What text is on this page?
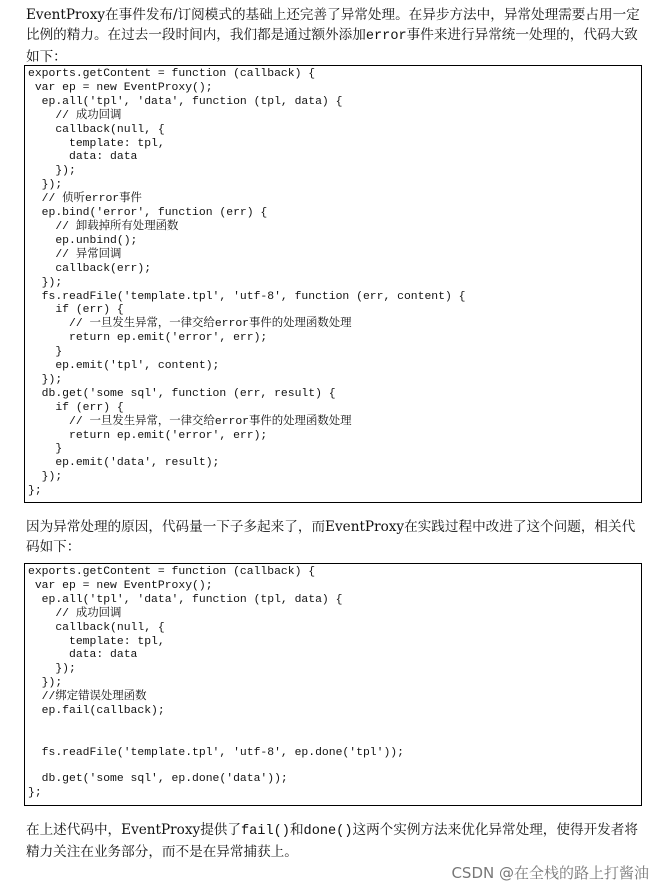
EventProxy在事件发布/订阅模式的基础上还完善了异常处理。在异步方法中，异常处理需要占用一定比例的精力。在过去一段时间内，我们都是通过额外添加error事件来进行异常统一处理的，代码大致如下：
exports.getContent = function (callback) {
var ep = new EventProxy();
ep.all('tpl', 'data', function (tpl, data) {
// 成功回调
callback(null, {
template: tpl,
data: data
});
});
// 侦听error事件
ep.bind('error', function (err) {
// 卸载掉所有处理函数
ep.unbind();
// 异常回调
callback(err);
});
fs.readFile('template.tpl', 'utf-8', function (err, content) {
if (err) {
// 一旦发生异常，一律交给error事件的处理函数处理
return ep.emit('error', err);
}
ep.emit('tpl', content);
});
db.get('some sql', function (err, result) {
if (err) {
// 一旦发生异常，一律交给error事件的处理函数处理
return ep.emit('error', err);
}
ep.emit('data', result);
});
};
因为异常处理的原因，代码量一下子多起来了，而EventProxy在实践过程中改进了这个问题，相关代码如下：
exports.getContent = function (callback) {
var ep = new EventProxy();
ep.all('tpl', 'data', function (tpl, data) {
// 成功回调
callback(null, {
template: tpl,
data: data
});
});
//绑定错误处理函数
ep.fail(callback);
fs.readFile('template.tpl', 'utf-8', ep.done('tpl'));
db.get('some sql', ep.done('data'));
};
在上述代码中，EventProxy提供了fail()和done()这两个实例方法来优化异常处理，使得开发者将精力关注在业务部分，而不是在异常捕获上。
CSDN @在全栈的路上打酱油
